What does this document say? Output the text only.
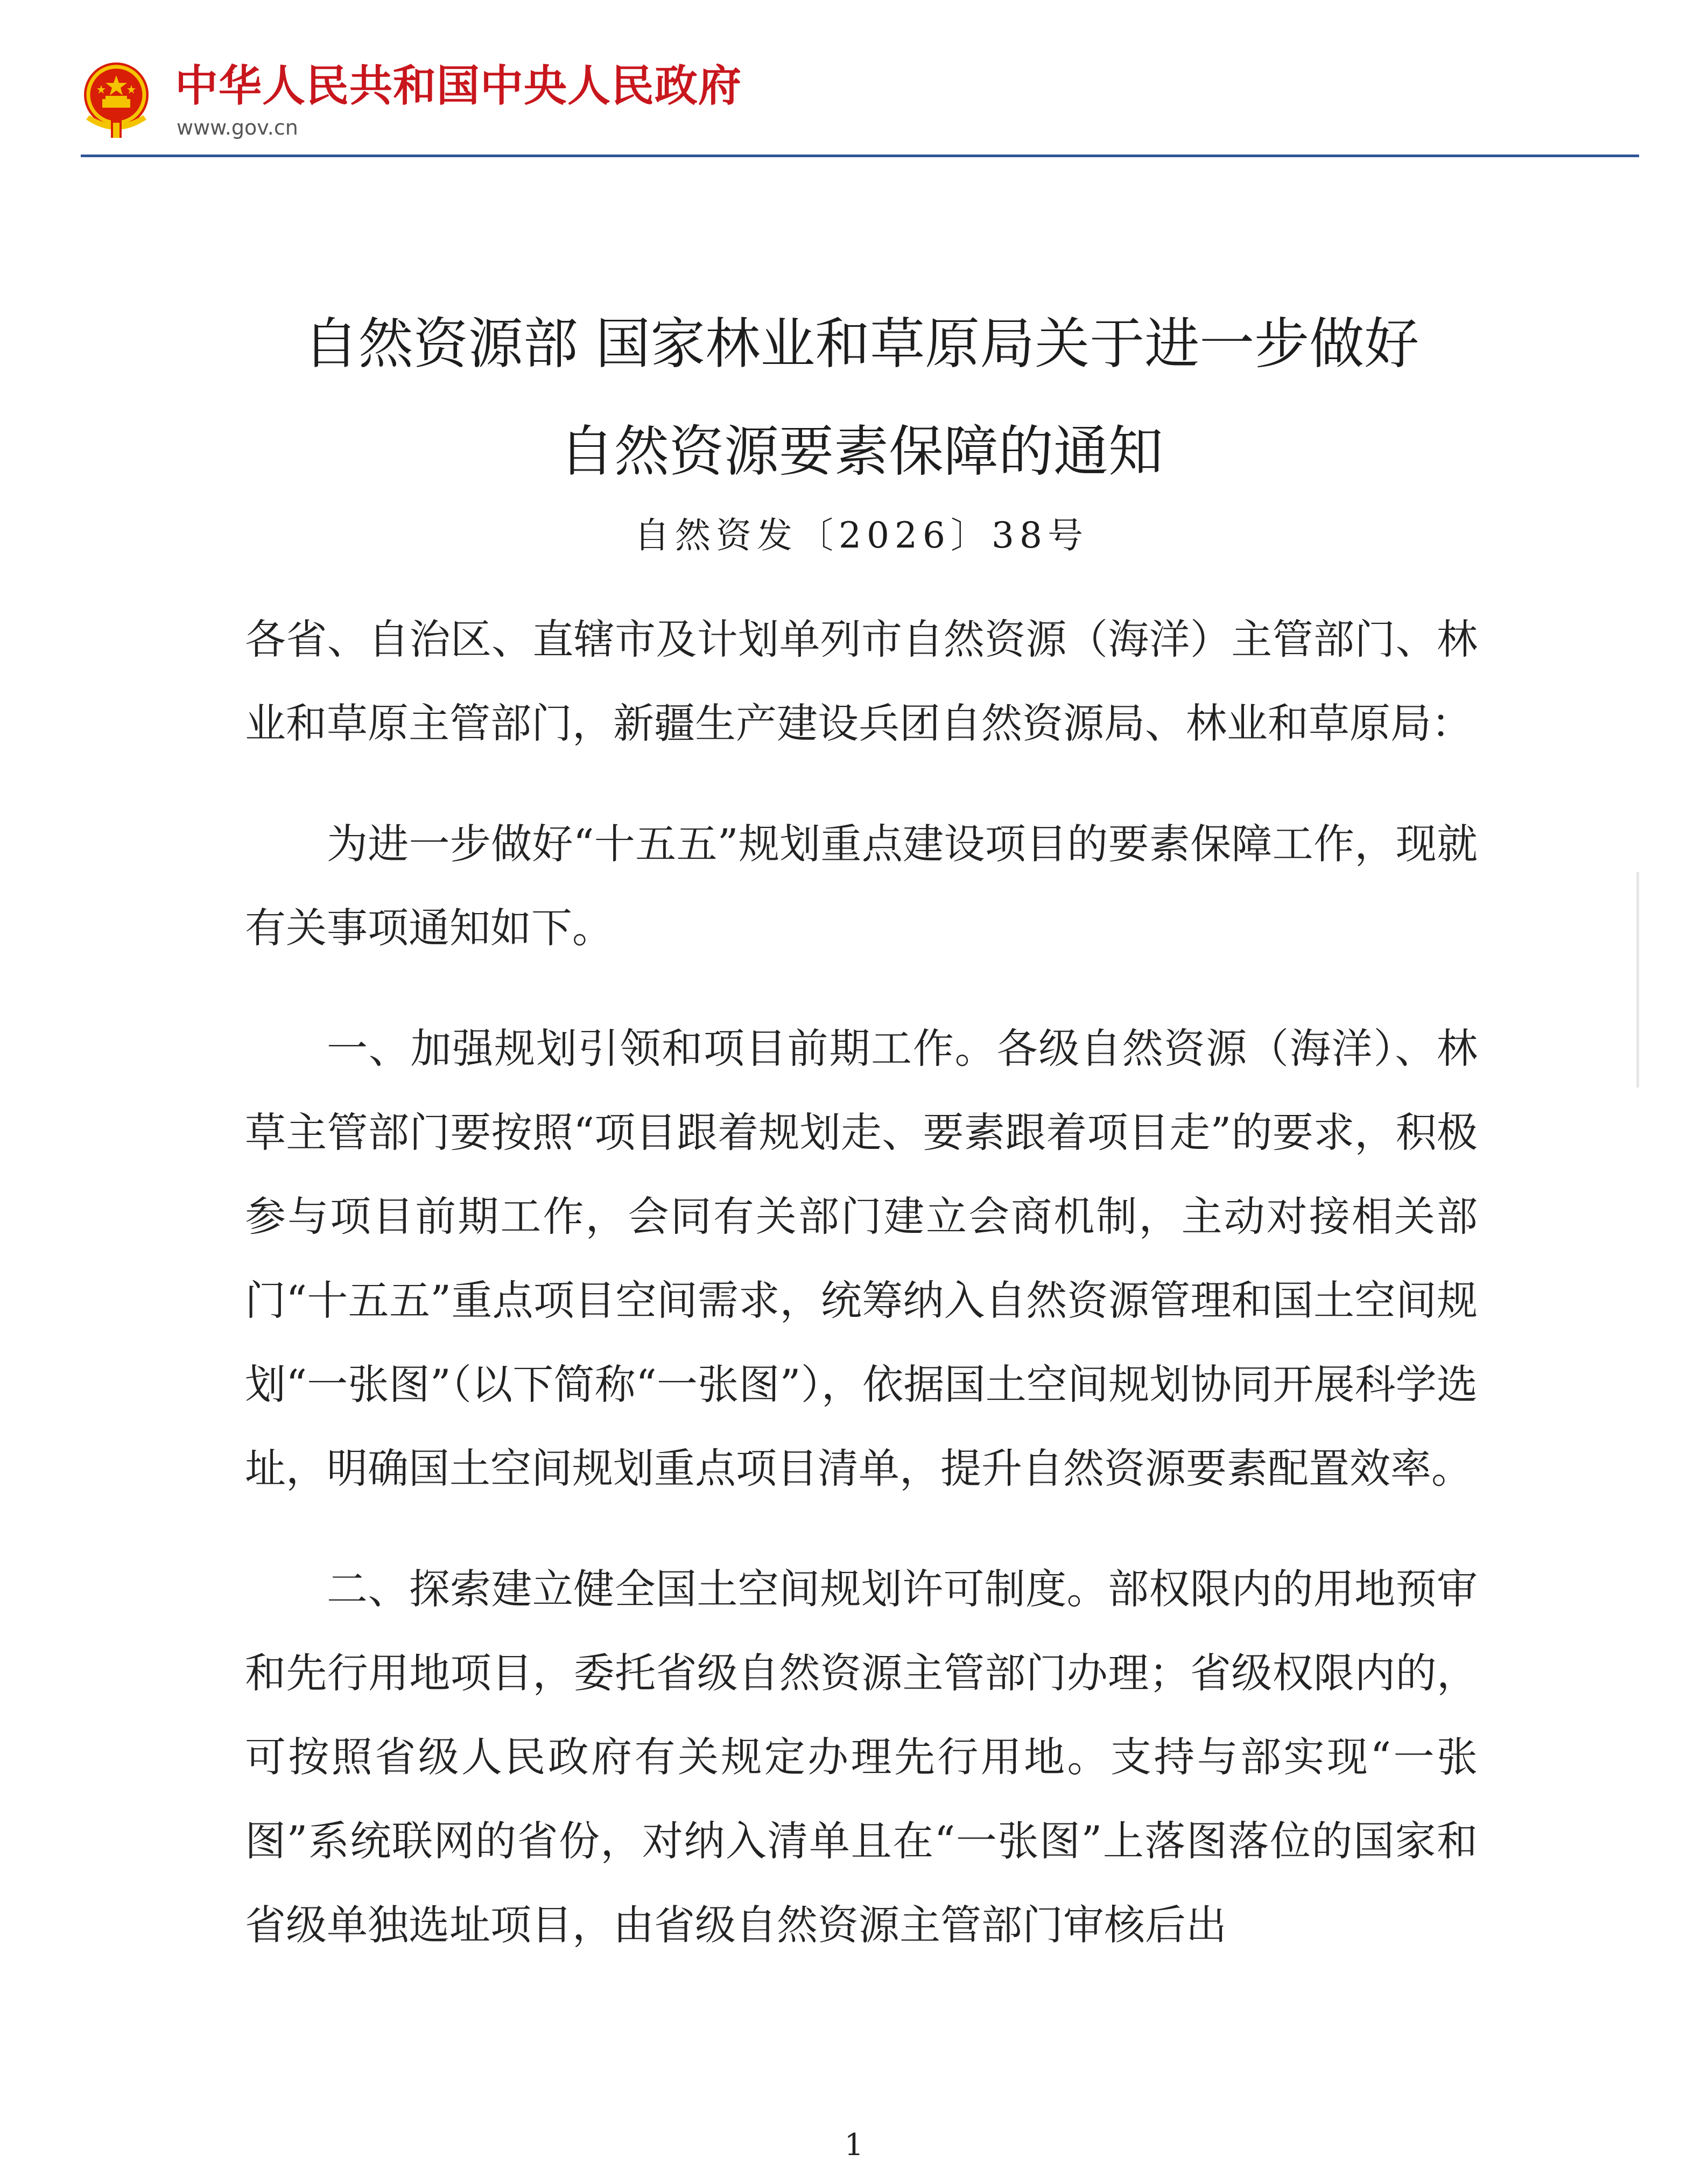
中华人民共和国中央人民政府
www.gov.cn
自然资源部 国家林业和草原局关于进一步做好
自然资源要素保障的通知

自然资发〔2026〕38号

各省、自治区、直辖市及计划单列市自然资源（海洋）主管部门、林业和草原主管部门，新疆生产建设兵团自然资源局、林业和草原局：

为进一步做好“十五五”规划重点建设项目的要素保障工作，现就有关事项通知如下。

一、加强规划引领和项目前期工作。各级自然资源（海洋）、林草主管部门要按照“项目跟着规划走、要素跟着项目走”的要求，积极参与项目前期工作，会同有关部门建立会商机制，主动对接相关部门“十五五”重点项目空间需求，统筹纳入自然资源管理和国土空间规划“一张图”（以下简称“一张图”），依据国土空间规划协同开展科学选址，明确国土空间规划重点项目清单，提升自然资源要素配置效率。

二、探索建立健全国土空间规划许可制度。部权限内的用地预审和先行用地项目，委托省级自然资源主管部门办理；省级权限内的，可按照省级人民政府有关规定办理先行用地。支持与部实现“一张图”系统联网的省份，对纳入清单且在“一张图”上落图落位的国家和省级单独选址项目，由省级自然资源主管部门审核后出

1
